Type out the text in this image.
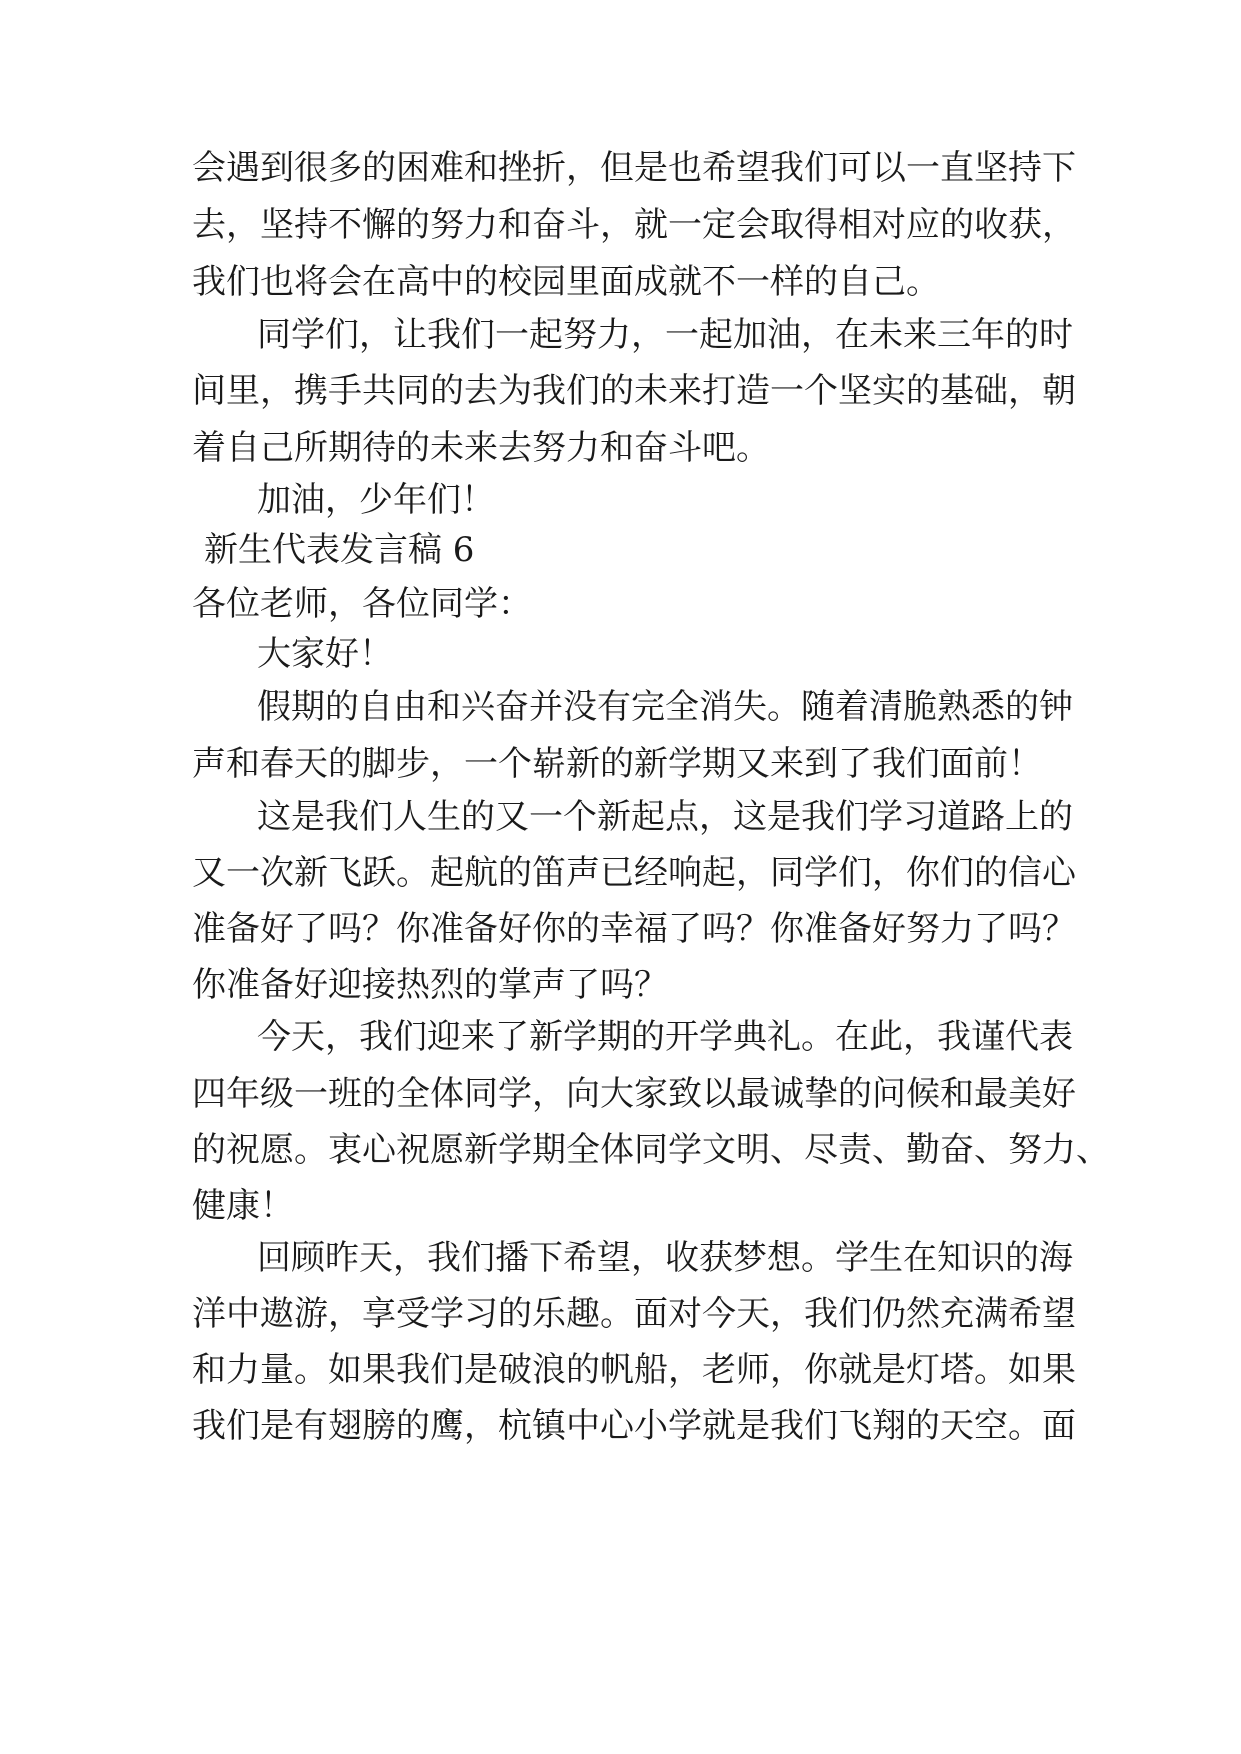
会遇到很多的困难和挫折，但是也希望我们可以一直坚持下

去，坚持不懈的努力和奋斗，就一定会取得相对应的收获，

我们也将会在高中的校园里面成就不一样的自己。

同学们，让我们一起努力，一起加油，在未来三年的时

间里，携手共同的去为我们的未来打造一个坚实的基础，朝

着自己所期待的未来去努力和奋斗吧。

加油，少年们！

新生代表发言稿 6

各位老师，各位同学：

大家好！

假期的自由和兴奋并没有完全消失。随着清脆熟悉的钟

声和春天的脚步，一个崭新的新学期又来到了我们面前！

这是我们人生的又一个新起点，这是我们学习道路上的

又一次新飞跃。起航的笛声已经响起，同学们，你们的信心

准备好了吗？你准备好你的幸福了吗？你准备好努力了吗？

你准备好迎接热烈的掌声了吗？

今天，我们迎来了新学期的开学典礼。在此，我谨代表

四年级一班的全体同学，向大家致以最诚挚的问候和最美好

的祝愿。衷心祝愿新学期全体同学文明、尽责、勤奋、努力、

健康！

回顾昨天，我们播下希望，收获梦想。学生在知识的海

洋中遨游，享受学习的乐趣。面对今天，我们仍然充满希望

和力量。如果我们是破浪的帆船，老师，你就是灯塔。如果

我们是有翅膀的鹰，杭镇中心小学就是我们飞翔的天空。面
